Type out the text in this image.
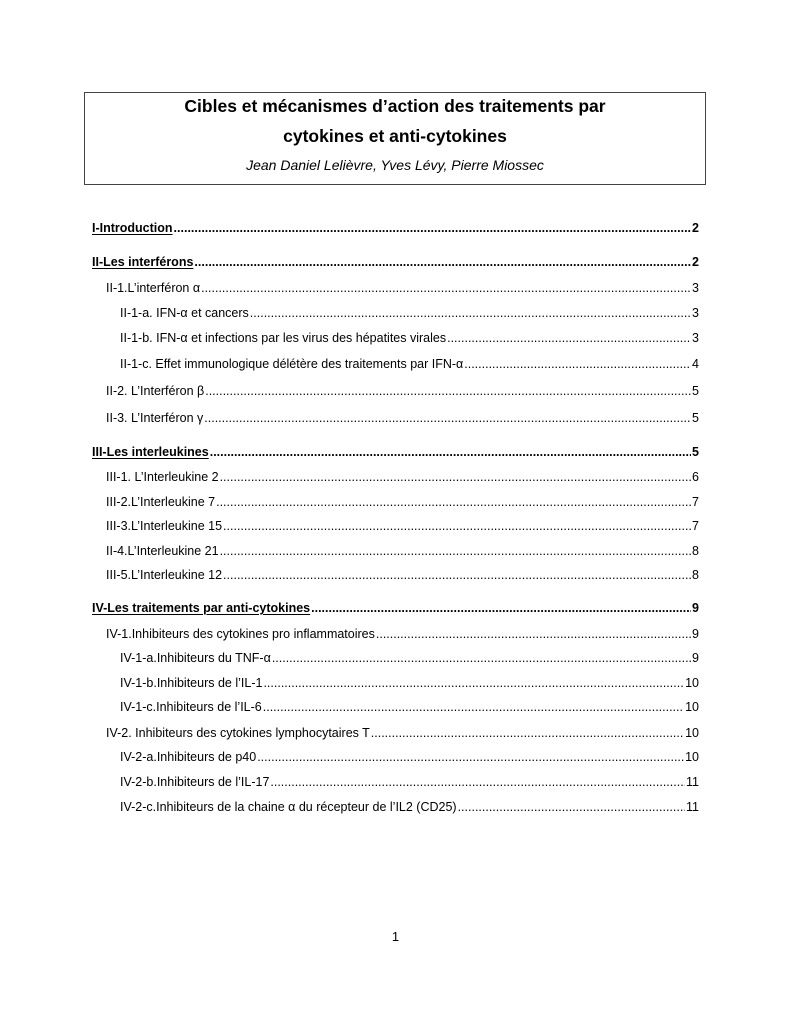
Cibles et mécanismes d’action des traitements par
cytokines et anti-cytokines
Jean Daniel Lelièvre, Yves Lévy, Pierre Miossec
I-Introduction .....	2
II-Les interférons .....	2
II-1.L’interféron α .....	3
II-1-a. IFN-α et cancers .....	3
II-1-b. IFN-α et infections par les virus des hépatites virales .....	3
II-1-c. Effet immunologique délétère des traitements par IFN-α .....	4
II-2. L’Interféron β .....	5
II-3. L’Interféron γ .....	5
III-Les interleukines .....	5
III-1. L’Interleukine 2 .....	6
III-2.L’Interleukine 7 .....	7
III-3.L’Interleukine 15 .....	7
II-4.L’Interleukine 21 .....	8
III-5.L’Interleukine 12 .....	8
IV-Les traitements par anti-cytokines .....	9
IV-1.Inhibiteurs des cytokines pro inflammatoires .....	9
IV-1-a.Inhibiteurs du TNF-α .....	9
IV-1-b.Inhibiteurs de l’IL-1 .....	10
IV-1-c.Inhibiteurs de l’IL-6 .....	10
IV-2. Inhibiteurs des cytokines lymphocytaires T .....	10
IV-2-a.Inhibiteurs de p40 .....	10
IV-2-b.Inhibiteurs de l’IL-17 .....	11
IV-2-c.Inhibiteurs de la chaine α du récepteur de l’IL2 (CD25) .....	11
1
